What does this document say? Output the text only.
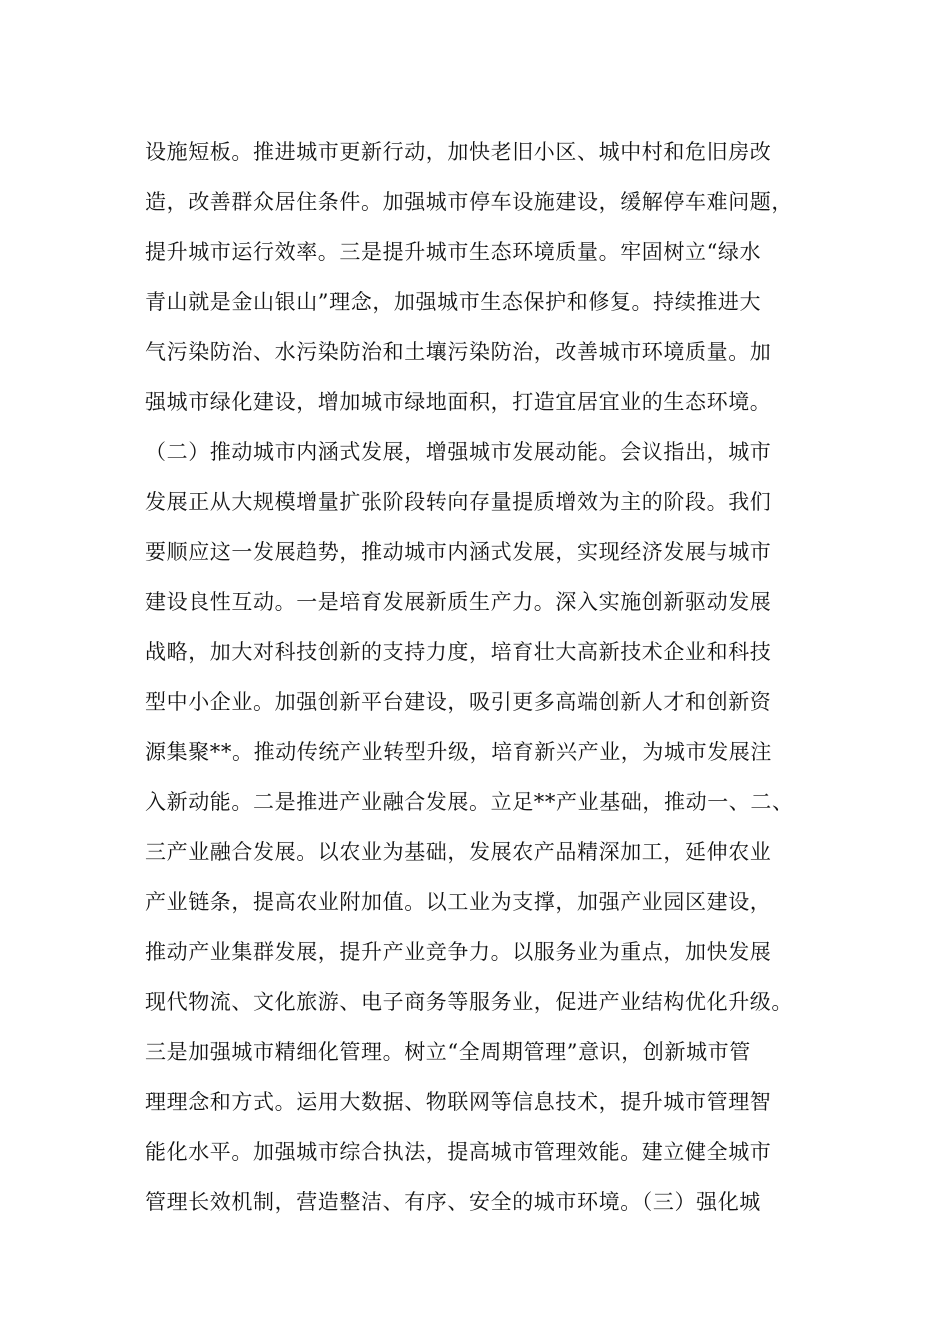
设施短板。推进城市更新行动，加快老旧小区、城中村和危旧房改
造，改善群众居住条件。加强城市停车设施建设，缓解停车难问题，
提升城市运行效率。三是提升城市生态环境质量。牢固树立“绿水
青山就是金山银山”理念，加强城市生态保护和修复。持续推进大
气污染防治、水污染防治和土壤污染防治，改善城市环境质量。加
强城市绿化建设，增加城市绿地面积，打造宜居宜业的生态环境。
（二）推动城市内涵式发展，增强城市发展动能。会议指出，城市
发展正从大规模增量扩张阶段转向存量提质增效为主的阶段。我们
要顺应这一发展趋势，推动城市内涵式发展，实现经济发展与城市
建设良性互动。一是培育发展新质生产力。深入实施创新驱动发展
战略，加大对科技创新的支持力度，培育壮大高新技术企业和科技
型中小企业。加强创新平台建设，吸引更多高端创新人才和创新资
源集聚**。推动传统产业转型升级，培育新兴产业，为城市发展注
入新动能。二是推进产业融合发展。立足**产业基础，推动一、二、
三产业融合发展。以农业为基础，发展农产品精深加工，延伸农业
产业链条，提高农业附加值。以工业为支撑，加强产业园区建设，
推动产业集群发展，提升产业竞争力。以服务业为重点，加快发展
现代物流、文化旅游、电子商务等服务业，促进产业结构优化升级。
三是加强城市精细化管理。树立“全周期管理”意识，创新城市管
理理念和方式。运用大数据、物联网等信息技术，提升城市管理智
能化水平。加强城市综合执法，提高城市管理效能。建立健全城市
管理长效机制，营造整洁、有序、安全的城市环境。（三）强化城
